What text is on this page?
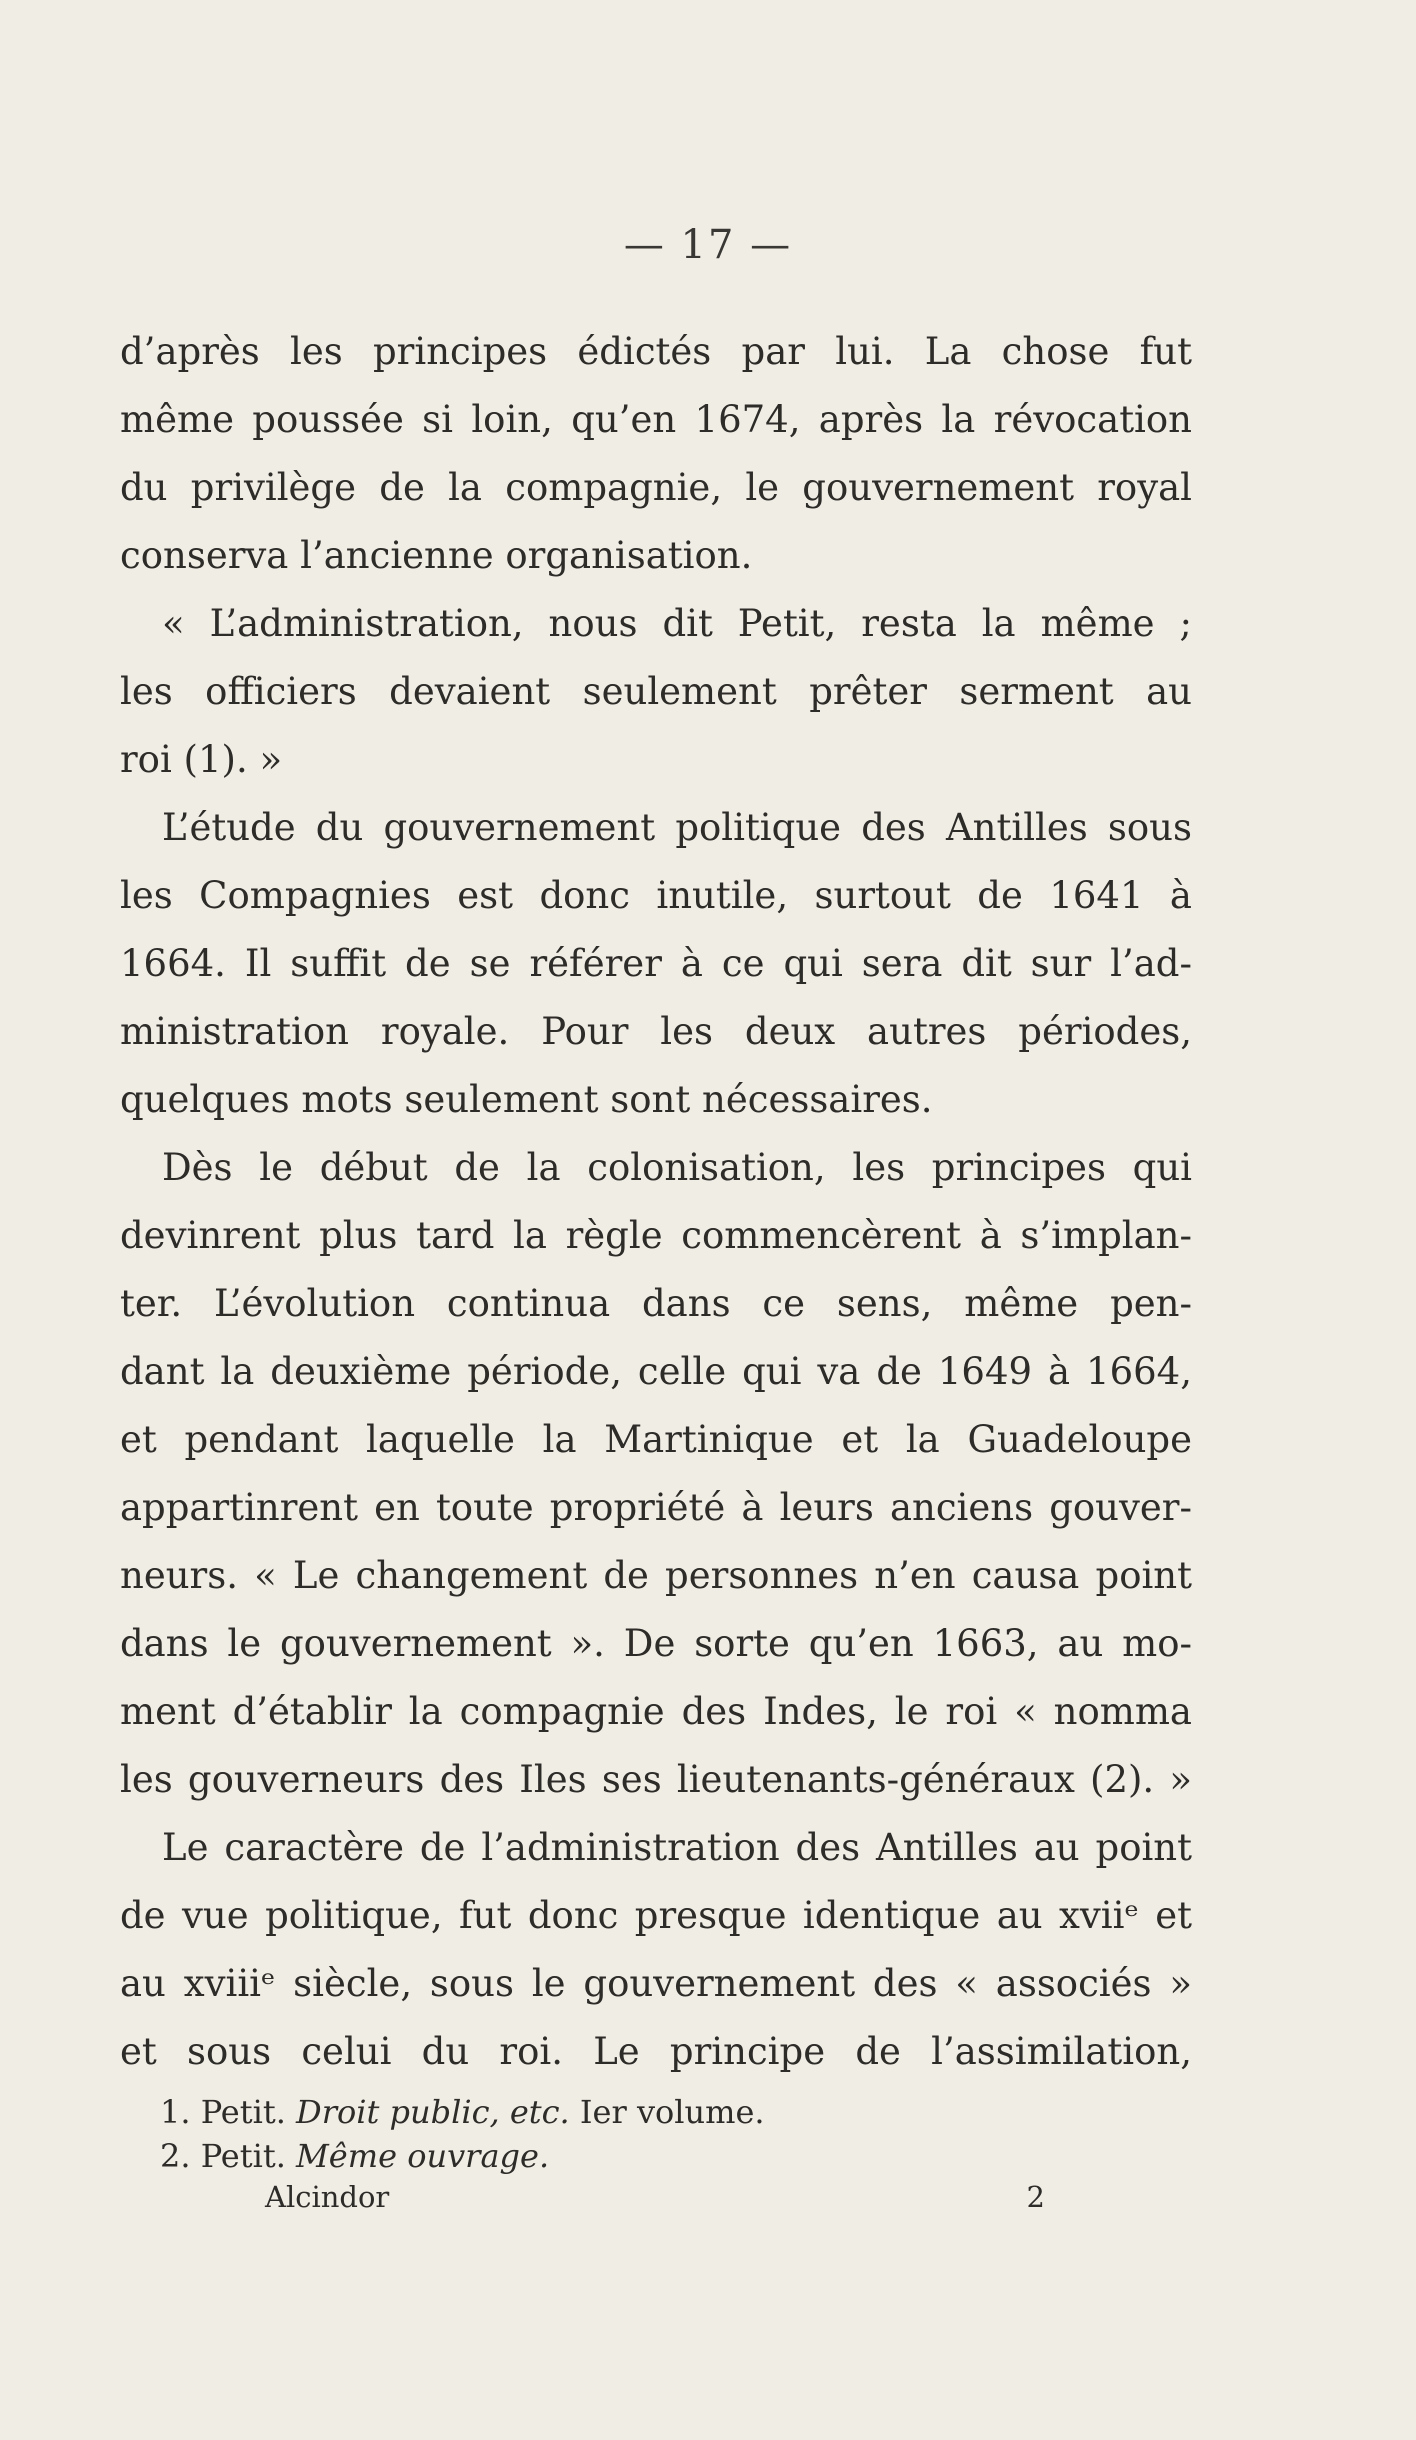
— 17 —
d’après les principes édictés par lui. La chose fut
même poussée si loin, qu’en 1674, après la révocation
du privilège de la compagnie, le gouvernement royal
conserva l’ancienne organisation.
« L’administration, nous dit Petit, resta la même ;
les officiers devaient seulement prêter serment au
roi (1). »
L’étude du gouvernement politique des Antilles sous
les Compagnies est donc inutile, surtout de 1641 à
1664. Il suffit de se référer à ce qui sera dit sur l’ad-
ministration royale. Pour les deux autres périodes,
quelques mots seulement sont nécessaires.
Dès le début de la colonisation, les principes qui
devinrent plus tard la règle commencèrent à s’implan-
ter. L’évolution continua dans ce sens, même pen-
dant la deuxième période, celle qui va de 1649 à 1664,
et pendant laquelle la Martinique et la Guadeloupe
appartinrent en toute propriété à leurs anciens gouver-
neurs. « Le changement de personnes n’en causa point
dans le gouvernement ». De sorte qu’en 1663, au mo-
ment d’établir la compagnie des Indes, le roi « nomma
les gouverneurs des Iles ses lieutenants-généraux (2). »
Le caractère de l’administration des Antilles au point
de vue politique, fut donc presque identique au xviiᵉ et
au xviiiᵉ siècle, sous le gouvernement des « associés »
et sous celui du roi. Le principe de l’assimilation,
1. Petit. Droit public, etc. Ier volume.
2. Petit. Même ouvrage.
Alcindor	2
